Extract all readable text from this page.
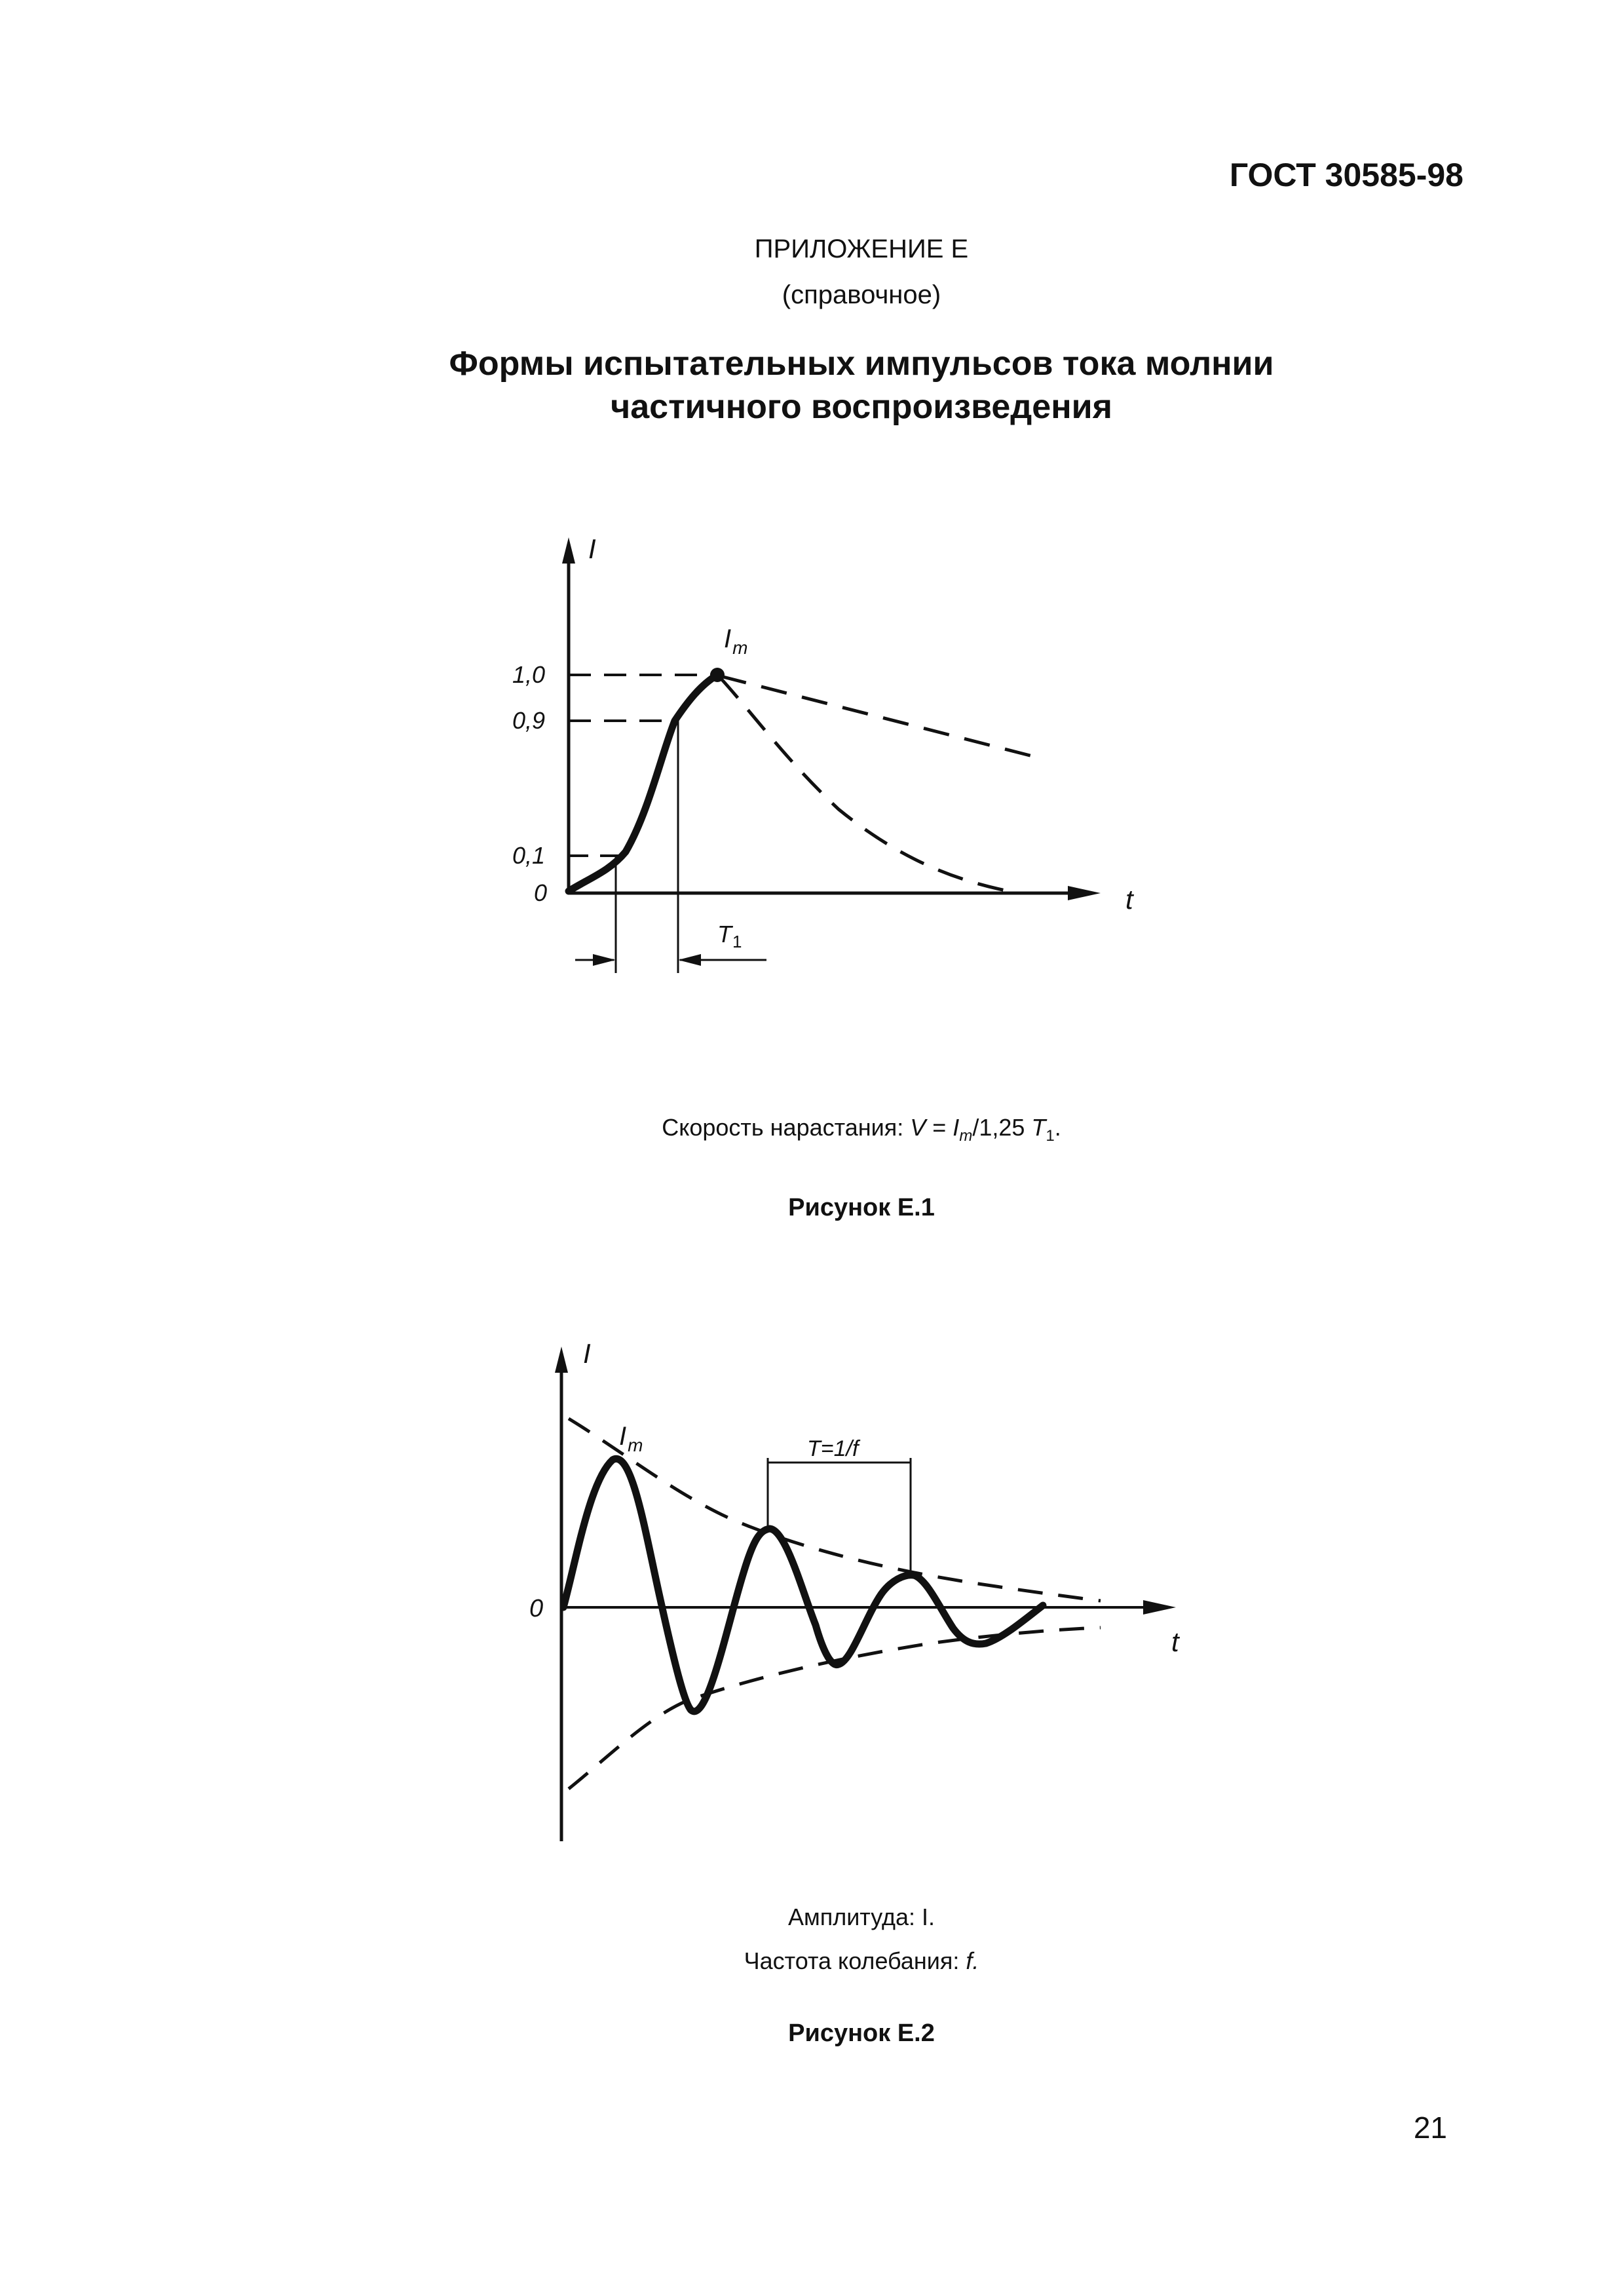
ГОСТ 30585-98
ПРИЛОЖЕНИЕ Е
(справочное)
Формы испытательных импульсов тока молнии
частичного воспроизведения
I
t
$I_m$
1,0
0,9
0,1
0
$T_1$
Скорость нарастания: $V = I_m/1,25$ $T_1$.
Рисунок Е.1
I
t
0
$I_m$	T=1/f
Амплитуда: I.
Частота колебания: f.
Рисунок Е.2
21
